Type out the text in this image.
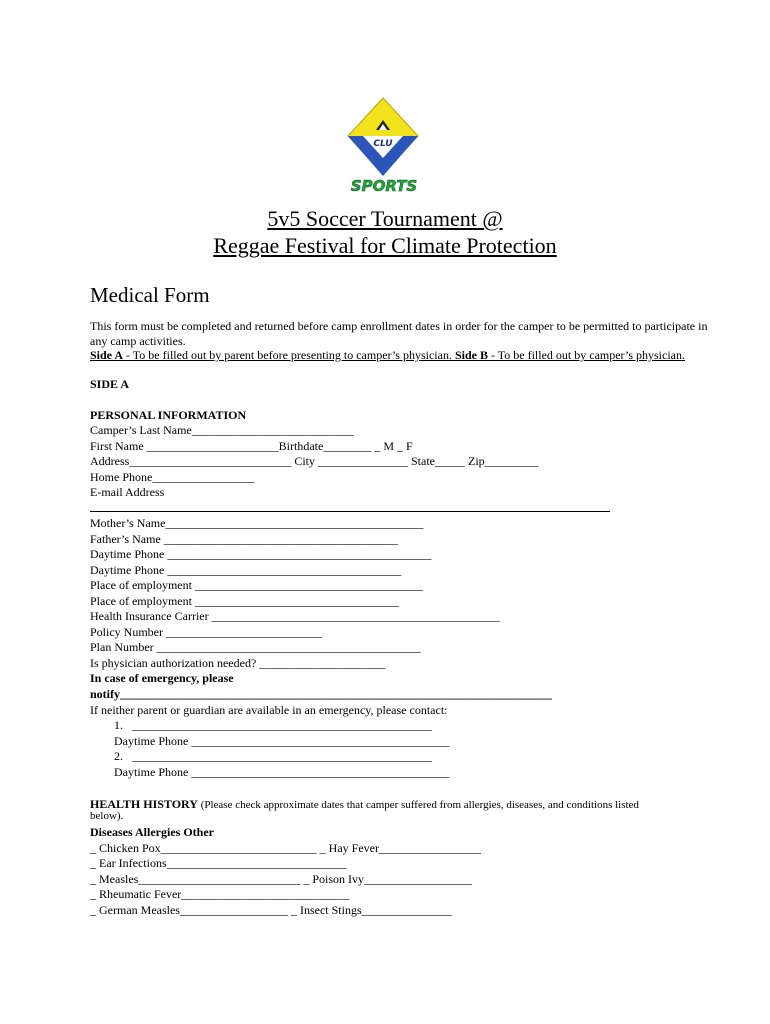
CLU
SPORTS
5v5 Soccer Tournament @
Reggae Festival for Climate Protection
Medical Form
This form must be completed and returned before camp enrollment dates in order for the camper to be permitted to participate in
any camp activities.
Side A - To be filled out by parent before presenting to camper’s physician. Side B - To be filled out by camper’s physician.
SIDE A
PERSONAL INFORMATION
Camper’s Last Name___________________________
First Name ______________________Birthdate________ _ M _ F
Address___________________________ City _______________ State_____ Zip_________
Home Phone_________________
E-mail Address
Mother’s Name___________________________________________
Father’s Name _______________________________________
Daytime Phone ____________________________________________
Daytime Phone _______________________________________
Place of employment ______________________________________
Place of employment __________________________________
Health Insurance Carrier ________________________________________________
Policy Number __________________________
Plan Number ____________________________________________
Is physician authorization needed? _____________________
In case of emergency, please
notify________________________________________________________________________
If neither parent or guardian are available in an emergency, please contact:
1.   __________________________________________________
Daytime Phone ___________________________________________
2.   __________________________________________________
Daytime Phone ___________________________________________
HEALTH HISTORY (Please check approximate dates that camper suffered from allergies, diseases, and conditions listed
below).
Diseases Allergies Other
_ Chicken Pox__________________________ _ Hay Fever_________________
_ Ear Infections______________________________
_ Measles___________________________ _ Poison Ivy__________________
_ Rheumatic Fever____________________________
_ German Measles__________________ _ Insect Stings_______________
